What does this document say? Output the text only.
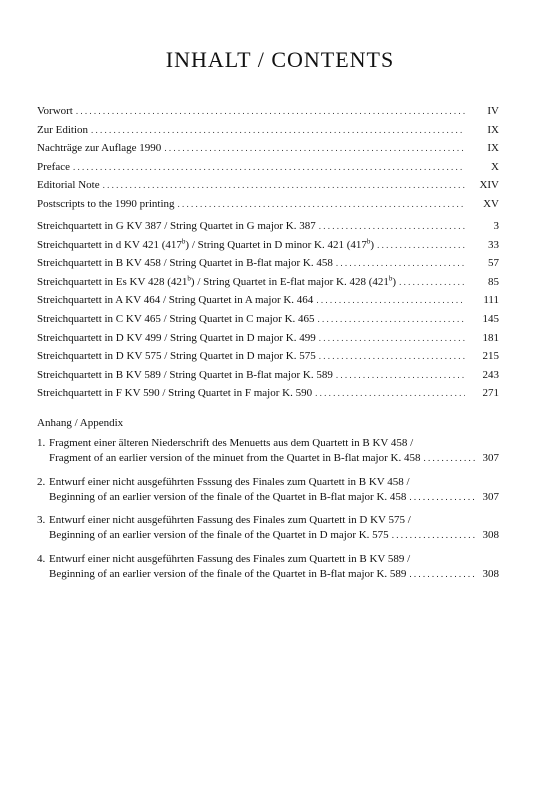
INHALT / CONTENTS
Vorwort . . .	IV
Zur Edition . . .	IX
Nachträge zur Auflage 1990 . . .	IX
Preface . . .	X
Editorial Note . . .	XIV
Postscripts to the 1990 printing . . .	XV
Streichquartett in G KV 387 / String Quartet in G major K. 387 . . .	3
Streichquartett in d KV 421 (417$^b$) / String Quartet in D minor K. 421 (417$^b$) . . .	33
Streichquartett in B KV 458 / String Quartet in B-flat major K. 458 . . .	57
Streichquartett in Es KV 428 (421$^b$) / String Quartet in E-flat major K. 428 (421$^b$) . . .	85
Streichquartett in A KV 464 / String Quartet in A major K. 464 . . .	111
Streichquartett in C KV 465 / String Quartet in C major K. 465 . . .	145
Streichquartett in D KV 499 / String Quartet in D major K. 499 . . .	181
Streichquartett in D KV 575 / String Quartet in D major K. 575 . . .	215
Streichquartett in B KV 589 / String Quartet in B-flat major K. 589 . . .	243
Streichquartett in F KV 590 / String Quartet in F major K. 590 . . .	271
Anhang / Appendix
1. Fragment einer älteren Niederschrift des Menuetts aus dem Quartett in B KV 458 /
Fragment of an earlier version of the minuet from the Quartet in B-flat major K. 458 . . .	307
2. Entwurf einer nicht ausgeführten Fsssung des Finales zum Quartett in B KV 458 /
Beginning of an earlier version of the finale of the Quartet in B-flat major K. 458 . . .	307
3. Entwurf einer nicht ausgeführten Fassung des Finales zum Quartett in D KV 575 /
Beginning of an earlier version of the finale of the Quartet in D major K. 575 . . .	308
4. Entwurf einer nicht ausgeführten Fassung des Finales zum Quartett in B KV 589 /
Beginning of an earlier version of the finale of the Quartet in B-flat major K. 589 . . .	308
